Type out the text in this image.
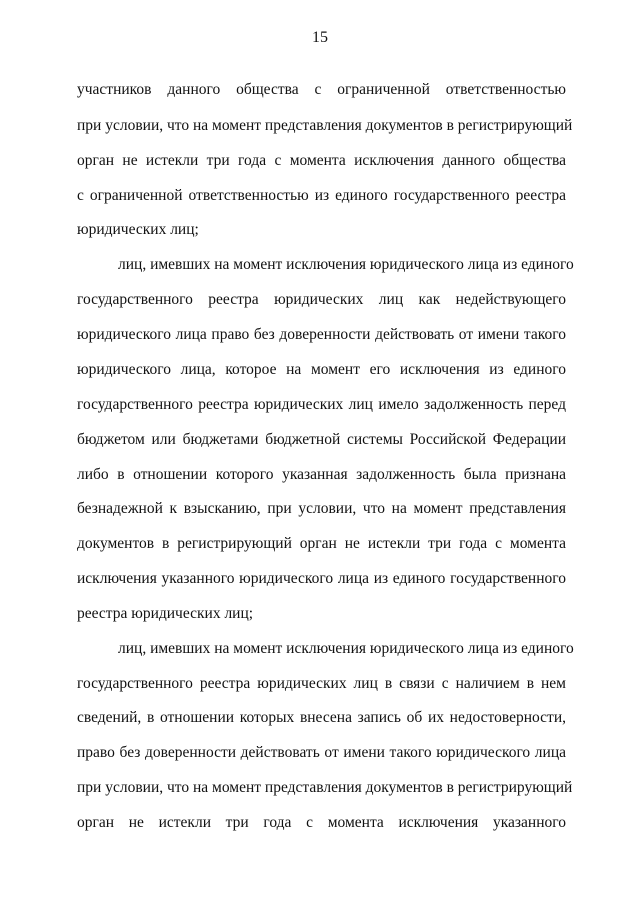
15
участников данного общества с ограниченной ответственностью
при условии, что на момент представления документов в регистрирующий
орган не истекли три года с момента исключения данного общества
с ограниченной ответственностью из единого государственного реестра
юридических лиц;
лиц, имевших на момент исключения юридического лица из единого
государственного реестра юридических лиц как недействующего
юридического лица право без доверенности действовать от имени такого
юридического лица, которое на момент его исключения из единого
государственного реестра юридических лиц имело задолженность перед
бюджетом или бюджетами бюджетной системы Российской Федерации
либо в отношении которого указанная задолженность была признана
безнадежной к взысканию, при условии, что на момент представления
документов в регистрирующий орган не истекли три года с момента
исключения указанного юридического лица из единого государственного
реестра юридических лиц;
лиц, имевших на момент исключения юридического лица из единого
государственного реестра юридических лиц в связи с наличием в нем
сведений, в отношении которых внесена запись об их недостоверности,
право без доверенности действовать от имени такого юридического лица
при условии, что на момент представления документов в регистрирующий
орган не истекли три года с момента исключения указанного
